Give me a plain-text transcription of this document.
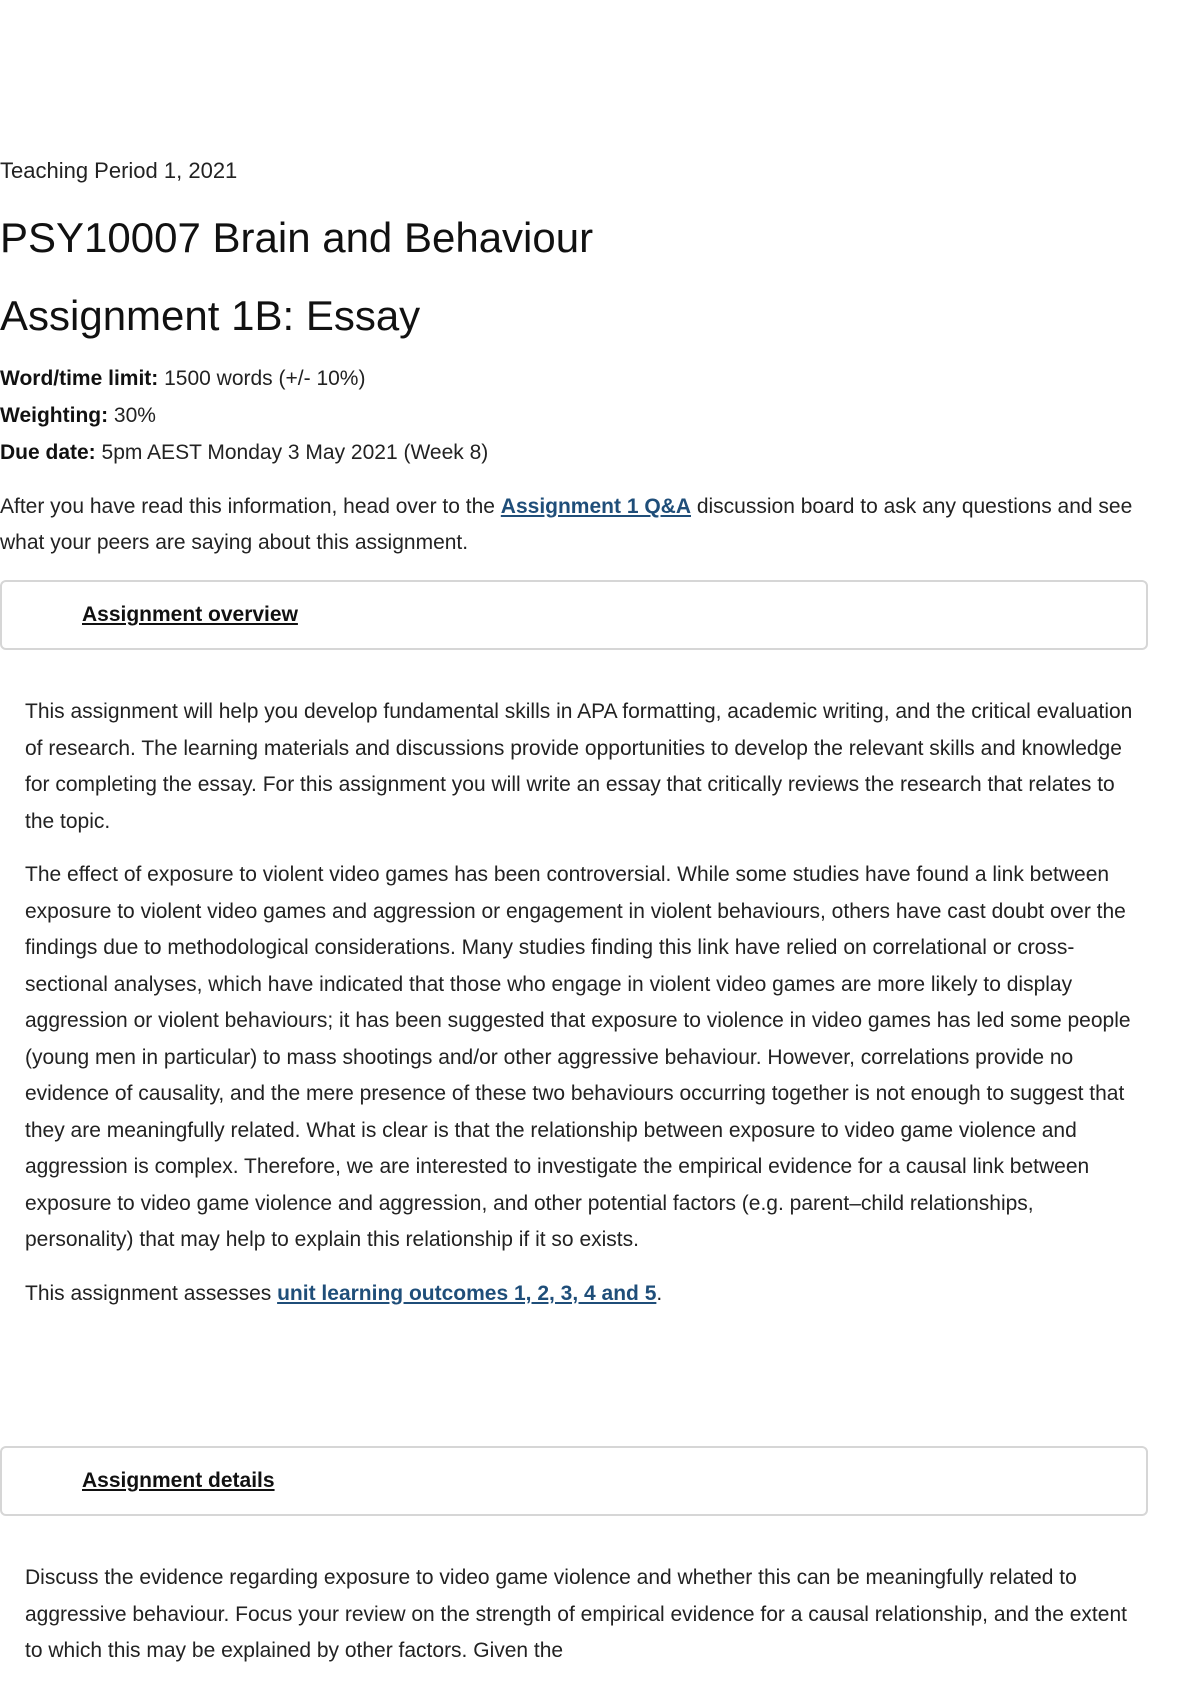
Teaching Period 1, 2021
PSY10007 Brain and Behaviour
Assignment 1B: Essay
Word/time limit: 1500 words (+/- 10%)
Weighting: 30%
Due date: 5pm AEST Monday 3 May 2021 (Week 8)

After you have read this information, head over to the Assignment 1 Q&A discussion board to ask any questions and see what your peers are saying about this assignment.

Assignment overview

This assignment will help you develop fundamental skills in APA formatting, academic writing, and the critical evaluation of research. The learning materials and discussions provide opportunities to develop the relevant skills and knowledge for completing the essay. For this assignment you will write an essay that critically reviews the research that relates to the topic.

The effect of exposure to violent video games has been controversial. While some studies have found a link between exposure to violent video games and aggression or engagement in violent behaviours, others have cast doubt over the findings due to methodological considerations. Many studies finding this link have relied on correlational or cross-sectional analyses, which have indicated that those who engage in violent video games are more likely to display aggression or violent behaviours; it has been suggested that exposure to violence in video games has led some people (young men in particular) to mass shootings and/or other aggressive behaviour. However, correlations provide no evidence of causality, and the mere presence of these two behaviours occurring together is not enough to suggest that they are meaningfully related. What is clear is that the relationship between exposure to video game violence and aggression is complex. Therefore, we are interested to investigate the empirical evidence for a causal link between exposure to video game violence and aggression, and other potential factors (e.g. parent–child relationships, personality) that may help to explain this relationship if it so exists.

This assignment assesses unit learning outcomes 1, 2, 3, 4 and 5.

Assignment details

Discuss the evidence regarding exposure to video game violence and whether this can be meaningfully related to aggressive behaviour. Focus your review on the strength of empirical evidence for a causal relationship, and the extent to which this may be explained by other factors. Given the
